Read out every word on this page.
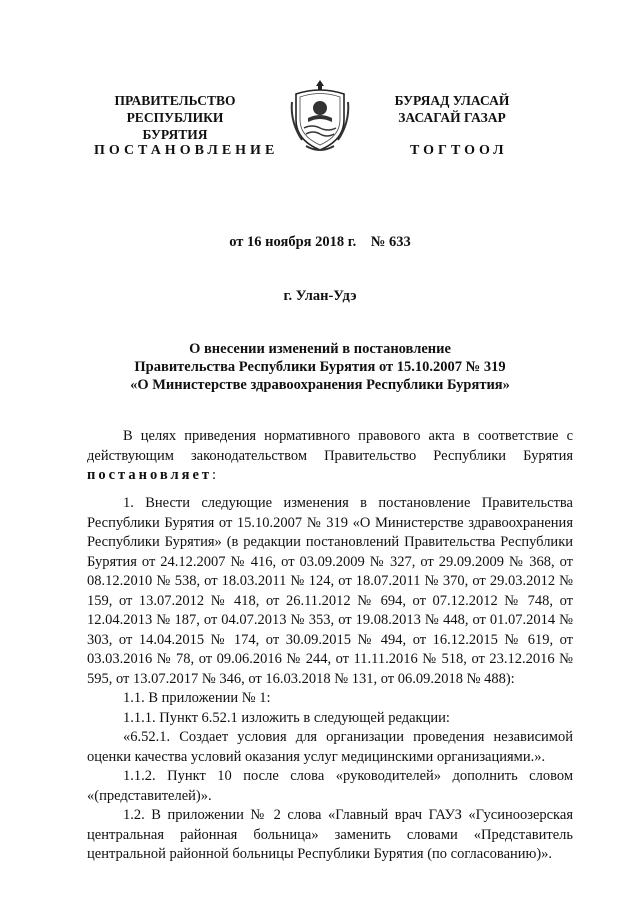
ПРАВИТЕЛЬСТВО
РЕСПУБЛИКИ БУРЯТИЯ
БУРЯАД УЛАСАЙ
ЗАСАГАЙ ГАЗАР
ПОСТАНОВЛЕНИЕ	ТОГТООЛ
от 16 ноября 2018 г.    № 633
г. Улан-Удэ
О внесении изменений в постановление
Правительства Республики Бурятия от 15.10.2007 № 319
«О Министерстве здравоохранения Республики Бурятия»

В целях приведения нормативного правового акта в соответствие с действующим законодательством Правительство Республики Бурятия постановляет:

1. Внести следующие изменения в постановление Правительства Республики Бурятия от 15.10.2007 № 319 «О Министерстве здравоохранения Республики Бурятия» (в редакции постановлений Правительства Республики Бурятия от 24.12.2007 № 416, от 03.09.2009 № 327, от 29.09.2009 № 368, от 08.12.2010 № 538, от 18.03.2011 № 124, от 18.07.2011 № 370, от 29.03.2012 № 159, от 13.07.2012 № 418, от 26.11.2012 № 694, от 07.12.2012 № 748, от 12.04.2013 № 187, от 04.07.2013 № 353, от 19.08.2013 № 448, от 01.07.2014 № 303, от 14.04.2015 № 174, от 30.09.2015 № 494, от 16.12.2015 № 619, от 03.03.2016 № 78, от 09.06.2016 № 244, от 11.11.2016 № 518, от 23.12.2016 № 595, от 13.07.2017 № 346, от 16.03.2018 № 131, от 06.09.2018 № 488):

1.1. В приложении № 1:

1.1.1. Пункт 6.52.1 изложить в следующей редакции:

«6.52.1. Создает условия для организации проведения независимой оценки качества условий оказания услуг медицинскими организациями.».

1.1.2. Пункт 10 после слова «руководителей» дополнить словом «(представителей)».

1.2. В приложении № 2 слова «Главный врач ГАУЗ «Гусиноозерская центральная районная больница» заменить словами «Представитель центральной районной больницы Республики Бурятия (по согласованию)».
